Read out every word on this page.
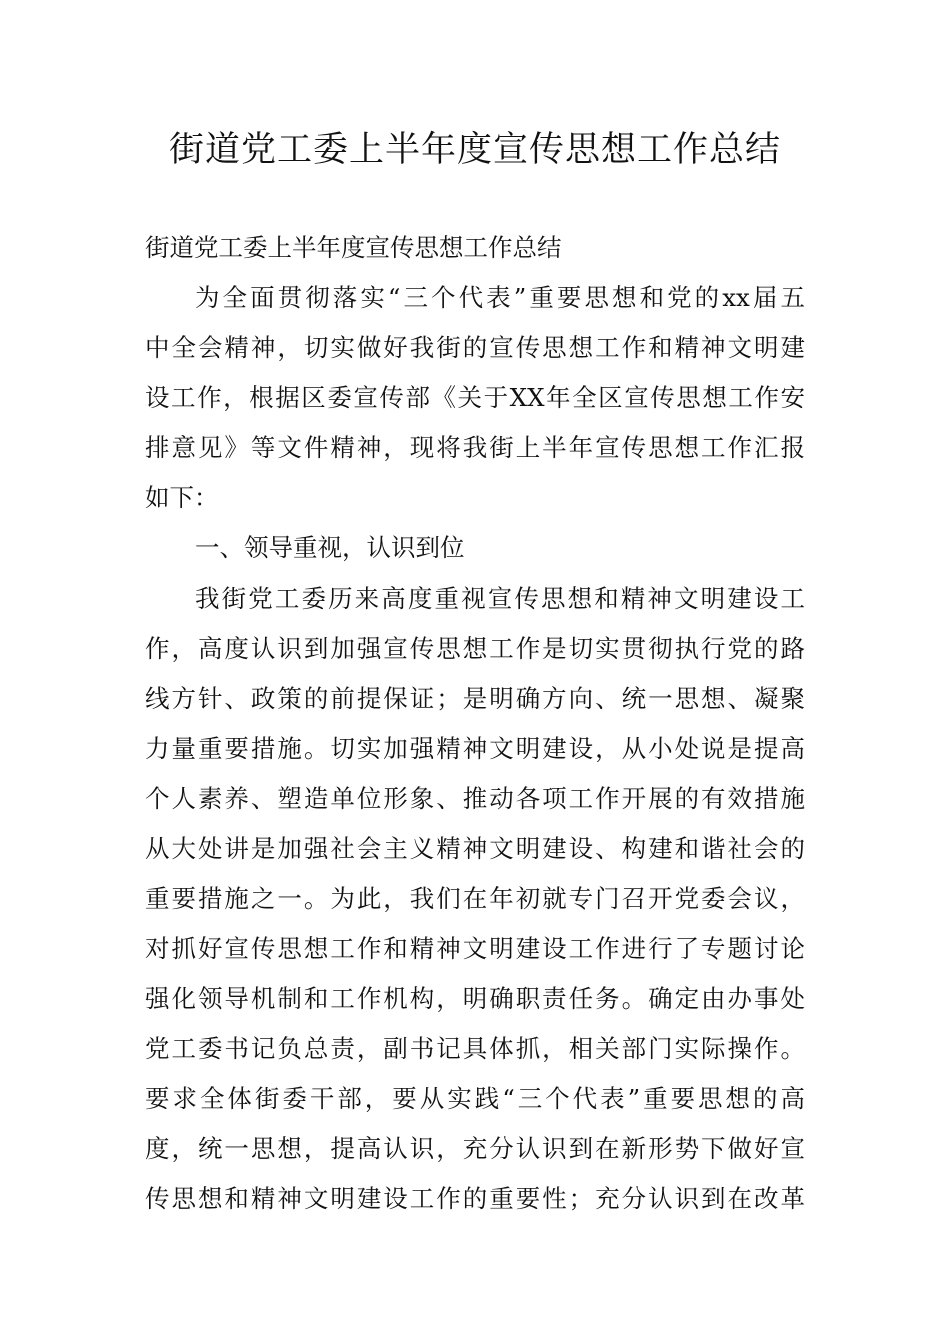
街道党工委上半年度宣传思想工作总结
街道党工委上半年度宣传思想工作总结
为全面贯彻落实“三个代表”重要思想和党的xx届五
中全会精神，切实做好我街的宣传思想工作和精神文明建
设工作，根据区委宣传部《关于XX年全区宣传思想工作安
排意见》等文件精神，现将我街上半年宣传思想工作汇报
如下：
一、领导重视，认识到位
我街党工委历来高度重视宣传思想和精神文明建设工
作，高度认识到加强宣传思想工作是切实贯彻执行党的路
线方针、政策的前提保证；是明确方向、统一思想、凝聚
力量重要措施。切实加强精神文明建设，从小处说是提高
个人素养、塑造单位形象、推动各项工作开展的有效措施
从大处讲是加强社会主义精神文明建设、构建和谐社会的
重要措施之一。为此，我们在年初就专门召开党委会议，
对抓好宣传思想工作和精神文明建设工作进行了专题讨论
强化领导机制和工作机构，明确职责任务。确定由办事处
党工委书记负总责，副书记具体抓，相关部门实际操作。
要求全体街委干部，要从实践“三个代表”重要思想的高
度，统一思想，提高认识，充分认识到在新形势下做好宣
传思想和精神文明建设工作的重要性；充分认识到在改革
